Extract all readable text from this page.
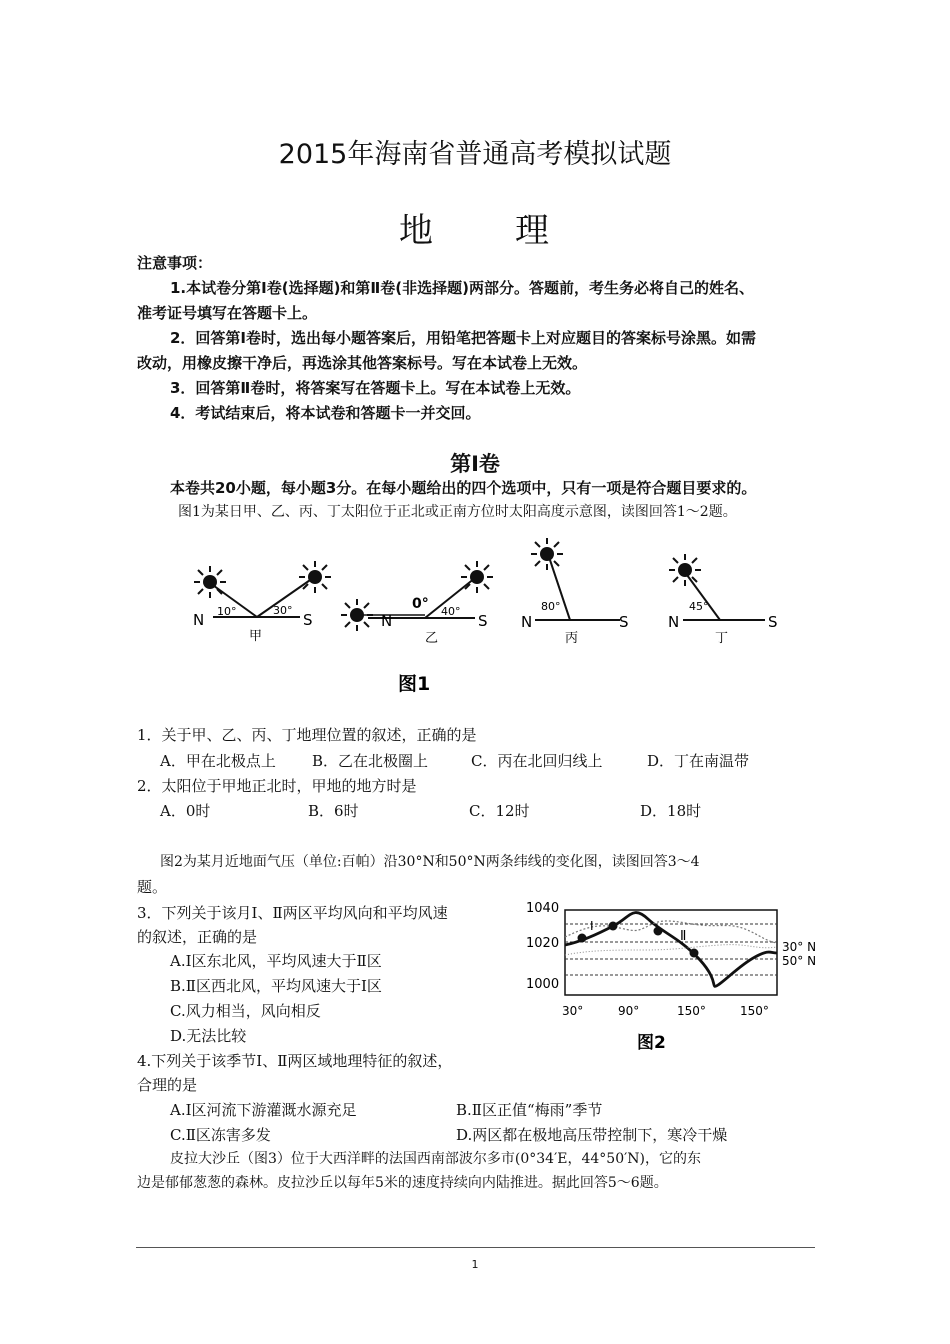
2015年海南省普通高考模拟试题
地 理
注意事项：
1.本试卷分第Ⅰ卷(选择题)和第Ⅱ卷(非选择题)两部分。答题前，考生务必将自己的姓名、
准考证号填写在答题卡上。
2．回答第Ⅰ卷时，选出每小题答案后，用铅笔把答题卡上对应题目的答案标号涂黑。如需
改动，用橡皮擦干净后，再选涂其他答案标号。写在本试卷上无效。
3．回答第Ⅱ卷时，将答案写在答题卡上。写在本试卷上无效。
4．考试结束后，将本试卷和答题卡一并交回。
第Ⅰ卷
本卷共20小题，每小题3分。在每小题给出的四个选项中，只有一项是符合题目要求的。
图1为某日甲、乙、丙、丁太阳位于正北或正南方位时太阳高度示意图，读图回答1～2题。
N	S
10°	30°
甲
N	S
0° 40°
乙
N	S
80°
丙
N	S
45°
丁
图1
1．关于甲、乙、丙、丁地理位置的叙述，正确的是
A．甲在北极点上 B．乙在北极圈上	C．丙在北回归线上	D．丁在南温带
2．太阳位于甲地正北时，甲地的地方时是
A．0时	B．6时	C．12时	D．18时
图2为某月近地面气压（单位:百帕）沿30°N和50°N两条纬线的变化图，读图回答3～4
题。
3．下列关于该月Ⅰ、Ⅱ两区平均风向和平均风速
的叙述，正确的是
A.Ⅰ区东北风，平均风速大于Ⅱ区
B.Ⅱ区西北风，平均风速大于Ⅰ区
C.风力相当，风向相反
D.无法比较
4.下列关于该季节Ⅰ、Ⅱ两区域地理特征的叙述，
合理的是
A.Ⅰ区河流下游灌溉水源充足	B.Ⅱ区正值“梅雨”季节
C.Ⅱ区冻害多发	D.两区都在极地高压带控制下，寒冷干燥
1040
1020
1000
30°	90°	150°	150°
Ⅰ
Ⅱ
30° N
50° N
图2
皮拉大沙丘（图3）位于大西洋畔的法国西南部波尔多市(0°34′E，44°50′N)，它的东
边是郁郁葱葱的森林。皮拉沙丘以每年5米的速度持续向内陆推进。据此回答5～6题。
1
